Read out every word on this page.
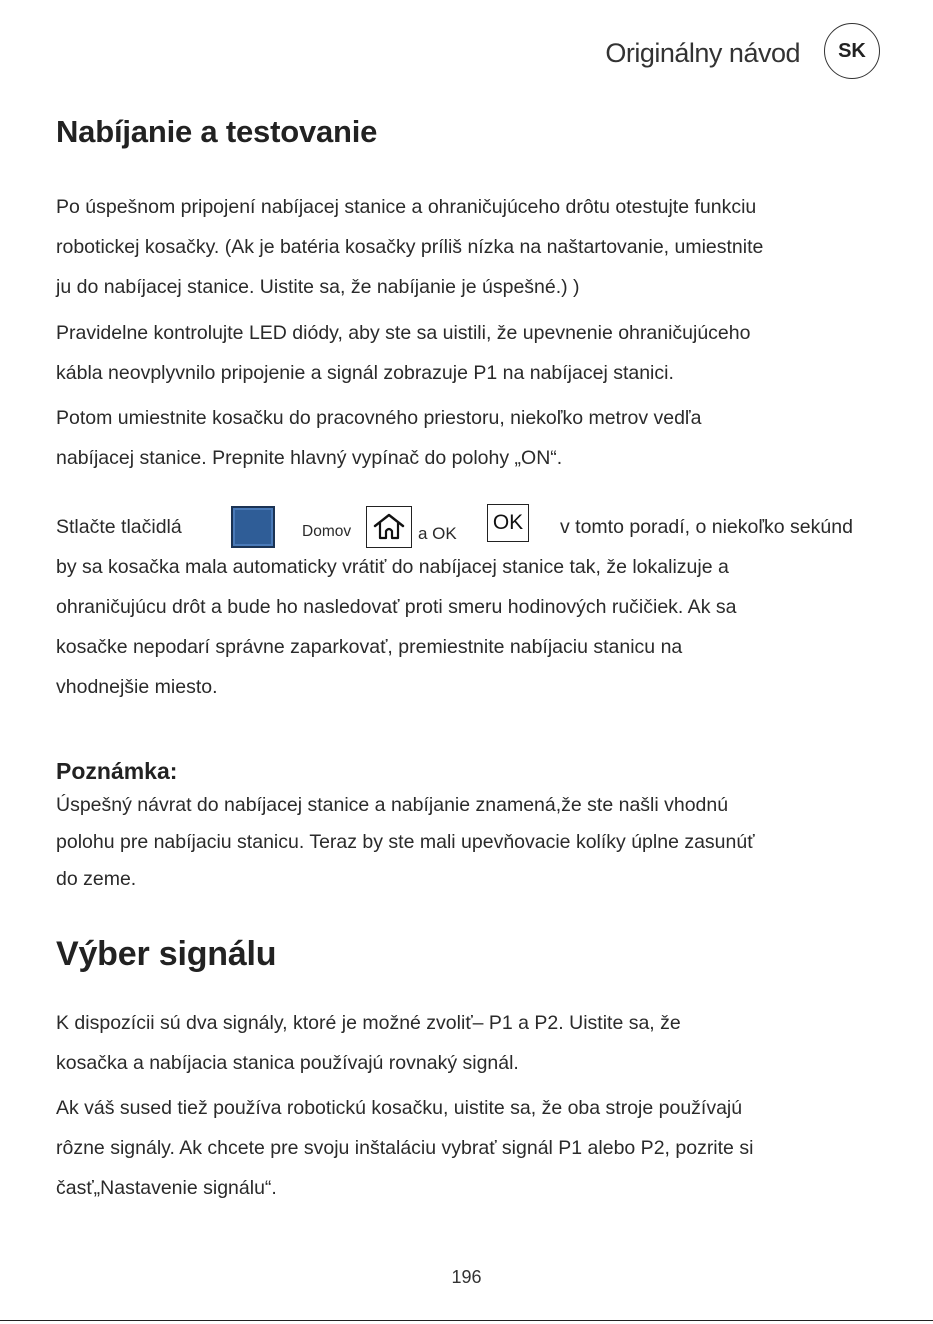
Originálny návod	SK
Nabíjanie a testovanie
Po úspešnom pripojení nabíjacej stanice a ohraničujúceho drôtu otestujte funkciu
robotickej kosačky. (Ak je batéria kosačky príliš nízka na naštartovanie, umiestnite
ju do nabíjacej stanice. Uistite sa, že nabíjanie je úspešné.) )
Pravidelne kontrolujte LED diódy, aby ste sa uistili, že upevnenie ohraničujúceho
kábla neovplyvnilo pripojenie a signál zobrazuje P1 na nabíjacej stanici.
Potom umiestnite kosačku do pracovného priestoru, niekoľko metrov vedľa
nabíjacej stanice. Prepnite hlavný vypínač do polohy „ON“.
Stlačte tlačidlá	Domov	a OK OK v tomto poradí, o niekoľko sekúnd
by sa kosačka mala automaticky vrátiť do nabíjacej stanice tak, že lokalizuje a
ohraničujúcu drôt a bude ho nasledovať proti smeru hodinových ručičiek. Ak sa
kosačke nepodarí správne zaparkovať, premiestnite nabíjaciu stanicu na
vhodnejšie miesto.
Poznámka:
Úspešný návrat do nabíjacej stanice a nabíjanie znamená,že ste našli vhodnú
polohu pre nabíjaciu stanicu. Teraz by ste mali upevňovacie kolíky úplne zasunúť
do zeme.
Výber signálu
K dispozícii sú dva signály, ktoré je možné zvoliť– P1 a P2. Uistite sa, že
kosačka a nabíjacia stanica používajú rovnaký signál.
Ak váš sused tiež používa robotickú kosačku, uistite sa, že oba stroje používajú
rôzne signály. Ak chcete pre svoju inštaláciu vybrať signál P1 alebo P2, pozrite si
časť„Nastavenie signálu“.
196
